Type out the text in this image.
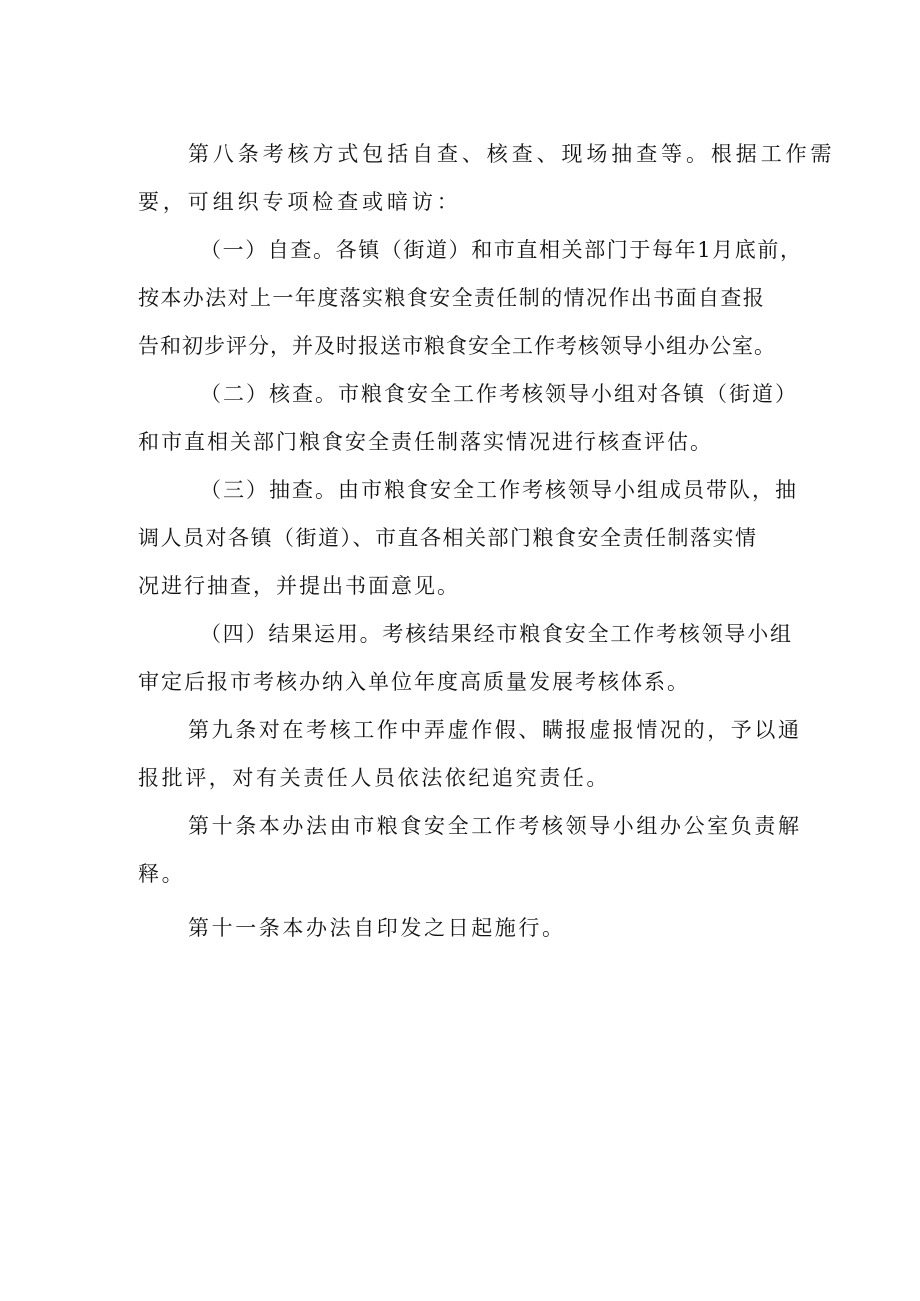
第八条考核方式包括自查、核查、现场抽查等。根据工作需
要，可组织专项检查或暗访：

（一）自查。各镇（街道）和市直相关部门于每年1月底前，
按本办法对上一年度落实粮食安全责任制的情况作出书面自查报
告和初步评分，并及时报送市粮食安全工作考核领导小组办公室。

（二）核查。市粮食安全工作考核领导小组对各镇（街道）
和市直相关部门粮食安全责任制落实情况进行核查评估。

（三）抽查。由市粮食安全工作考核领导小组成员带队，抽
调人员对各镇（街道）、市直各相关部门粮食安全责任制落实情
况进行抽查，并提出书面意见。

（四）结果运用。考核结果经市粮食安全工作考核领导小组
审定后报市考核办纳入单位年度高质量发展考核体系。

第九条对在考核工作中弄虚作假、瞒报虚报情况的，予以通
报批评，对有关责任人员依法依纪追究责任。

第十条本办法由市粮食安全工作考核领导小组办公室负责解
释。

第十一条本办法自印发之日起施行。
